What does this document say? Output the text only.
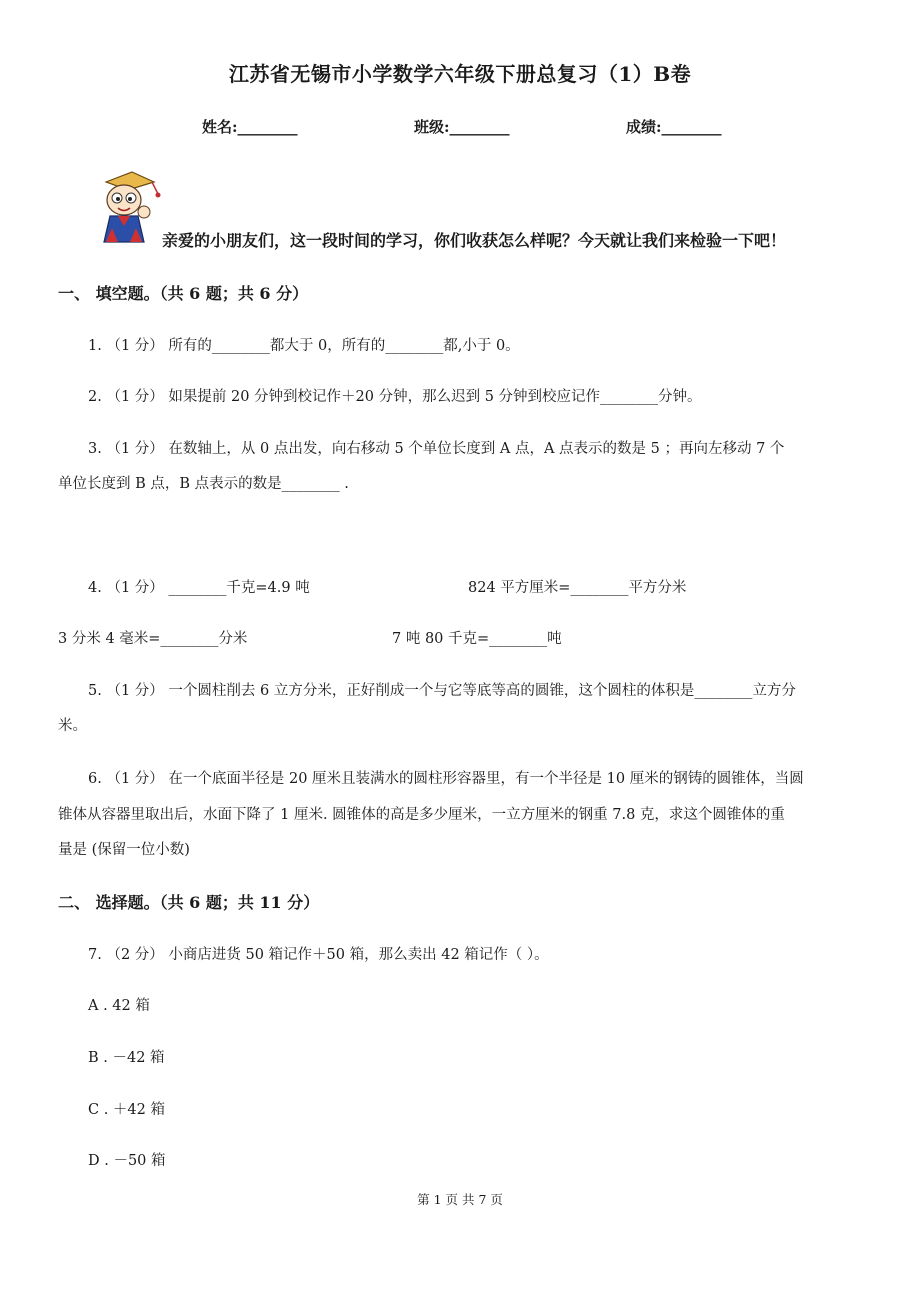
江苏省无锡市小学数学六年级下册总复习（1）B卷
姓名:________	班级:________	成绩:________
亲爱的小朋友们，这一段时间的学习，你们收获怎么样呢？今天就让我们来检验一下吧！
一、 填空题。（共 6 题；共 6 分）
1. （1 分） 所有的________都大于 0，所有的________都,小于 0。
2. （1 分） 如果提前 20 分钟到校记作＋20 分钟，那么迟到 5 分钟到校应记作________分钟。
3. （1 分） 在数轴上，从 0 点出发，向右移动 5 个单位长度到 A 点，A 点表示的数是 5 ；再向左移动 7 个
单位长度到 B 点，B 点表示的数是________ .
4. （1 分） ________千克=4.9 吨	824 平方厘米=________平方分米
3 分米 4 毫米=________分米	7 吨 80 千克=________吨
5. （1 分） 一个圆柱削去 6 立方分米，正好削成一个与它等底等高的圆锥，这个圆柱的体积是________立方分
米。
6. （1 分） 在一个底面半径是 20 厘米且装满水的圆柱形容器里，有一个半径是 10 厘米的钢铸的圆锥体，当圆
锥体从容器里取出后，水面下降了 1 厘米. 圆锥体的高是多少厘米，一立方厘米的钢重 7.8 克，求这个圆锥体的重
量是 (保留一位小数)
二、 选择题。（共 6 题；共 11 分）
7. （2 分） 小商店进货 50 箱记作＋50 箱，那么卖出 42 箱记作（ ）。
A . 42 箱
B . －42 箱
C . ＋42 箱
D . －50 箱
第 1 页 共 7 页
